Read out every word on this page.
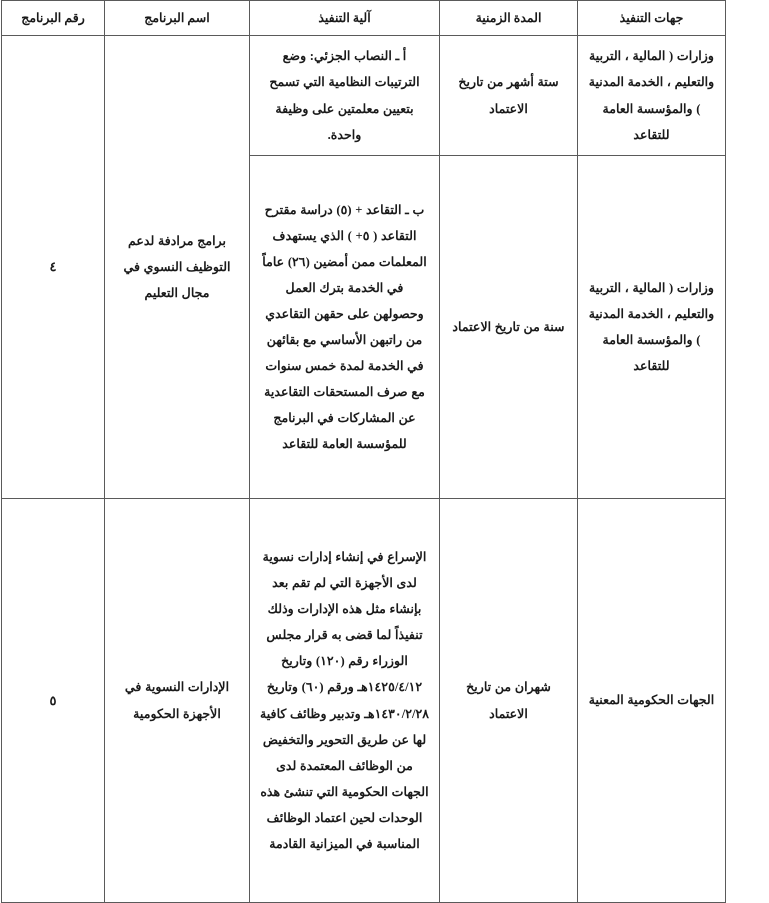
جهات التنفيذ	المدة الزمنية	آلية التنفيذ	اسم البرنامج	رقم البرنامج

وزارات ( المالية ، التربية والتعليم ، الخدمة المدنية ) والمؤسسة العامة للتقاعد	ستة أشهر من تاريخ الاعتماد	أ ـ النصاب الجزئي: وضع الترتيبات النظامية التي تسمح بتعيين معلمتين على وظيفة واحدة.	برامج مرادفة لدعم التوظيف النسوي في مجال التعليم	٤

وزارات ( المالية ، التربية والتعليم ، الخدمة المدنية ) والمؤسسة العامة للتقاعد	سنة من تاريخ الاعتماد	ب ـ التقاعد + (٥) دراسة مقترح التقاعد ( ٥+ ) الذي يستهدف المعلمات ممن أمضين (٢٦) عاماً في الخدمة بترك العمل وحصولهن على حقهن التقاعدي من راتبهن الأساسي مع بقائهن في الخدمة لمدة خمس سنوات مع صرف المستحقات التقاعدية عن المشاركات في البرنامج للمؤسسة العامة للتقاعد		

الجهات الحكومية المعنية	شهران من تاريخ الاعتماد	الإسراع في إنشاء إدارات نسوية لدى الأجهزة التي لم تقم بعد بإنشاء مثل هذه الإدارات وذلك تنفيذاً لما قضى به قرار مجلس الوزراء رقم (١٢٠) وتاريخ ١٤٢٥/٤/١٢هـ ورقم (٦٠) وتاريخ ١٤٣٠/٢/٢٨هـ وتدبير وظائف كافية لها عن طريق التحوير والتخفيض من الوظائف المعتمدة لدى الجهات الحكومية التي تنشئ هذه الوحدات لحين اعتماد الوظائف المناسبة في الميزانية القادمة	الإدارات النسوية في الأجهزة الحكومية	٥
